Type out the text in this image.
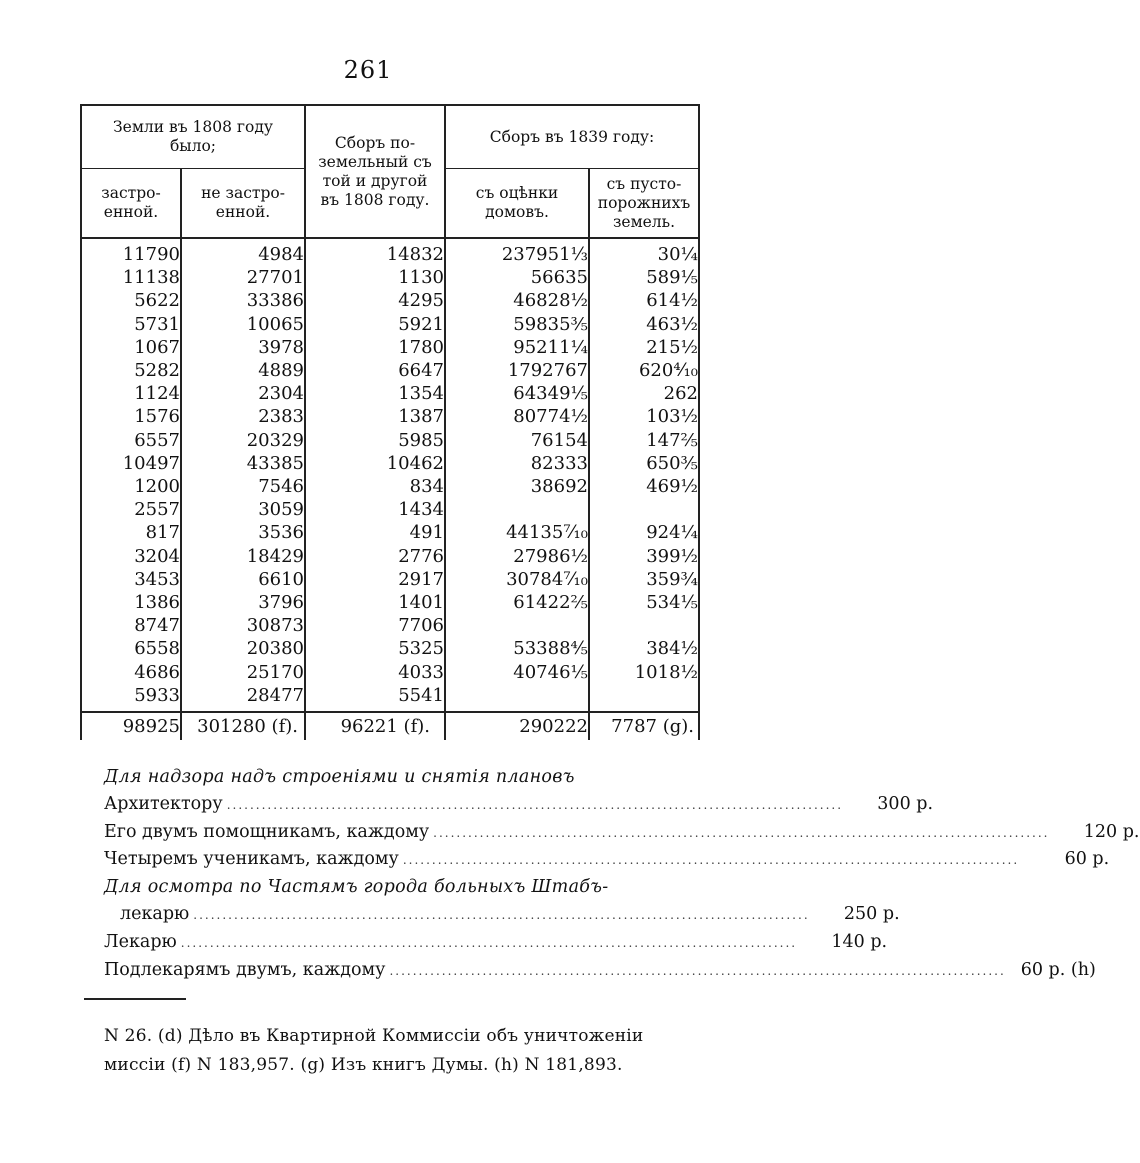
261
Земли въ 1808 году было;		Сборъ по- земельный съ той и другой въ 1808 году.	Сборъ въ 1839 году:	
застро- енной.	не застро- енной.		съ оцѣнки домовъ.	съ пусто- порожнихъ земель.
11790	4984	14832	237951⅓	30¼
11138	27701	1130	56635	589⅕
5622	33386	4295	46828½	614½
5731	10065	5921	59835⅗	463½
1067	3978	1780	95211¼	215½
5282	4889	6647	1792767	620⁴⁄₁₀
1124	2304	1354	64349⅕	262
1576	2383	1387	80774½	103½
6557	20329	5985	76154	147⅖
10497	43385	10462	82333	650⅗
1200	7546	834	38692	469½
2557	3059	1434		
817	3536	491	44135⁷⁄₁₀	924¼
3204	18429	2776	27986½	399½
3453	6610	2917	30784⁷⁄₁₀	359¾
1386	3796	1401	61422⅖	534⅕
8747	30873	7706		
6558	20380	5325	53388⅘	384½
4686	25170	4033	40746⅕	1018½
5933	28477	5541		
98925	301280 (f).	96221 (f).	290222	7787 (g).
Для надзора надъ строеніями и снятія плановъ
Архитектору ..........................................................................................................	300 р.
Его двумъ помощникамъ, каждому ..........................................................................................................	120 р.
Четыремъ ученикамъ, каждому ..........................................................................................................	60 р.
Для осмотра по Частямъ города больныхъ Штабъ-
лекарю ..........................................................................................................	250 р.
Лекарю ..........................................................................................................	140 р.
Подлекарямъ двумъ, каждому .......................................................................................................... 60 р. (h)
N 26. (d) Дѣло въ Квартирной Коммиссіи объ уничтоженіи
миссіи (f) N 183,957. (g) Изъ книгъ Думы. (h) N 181,893.
